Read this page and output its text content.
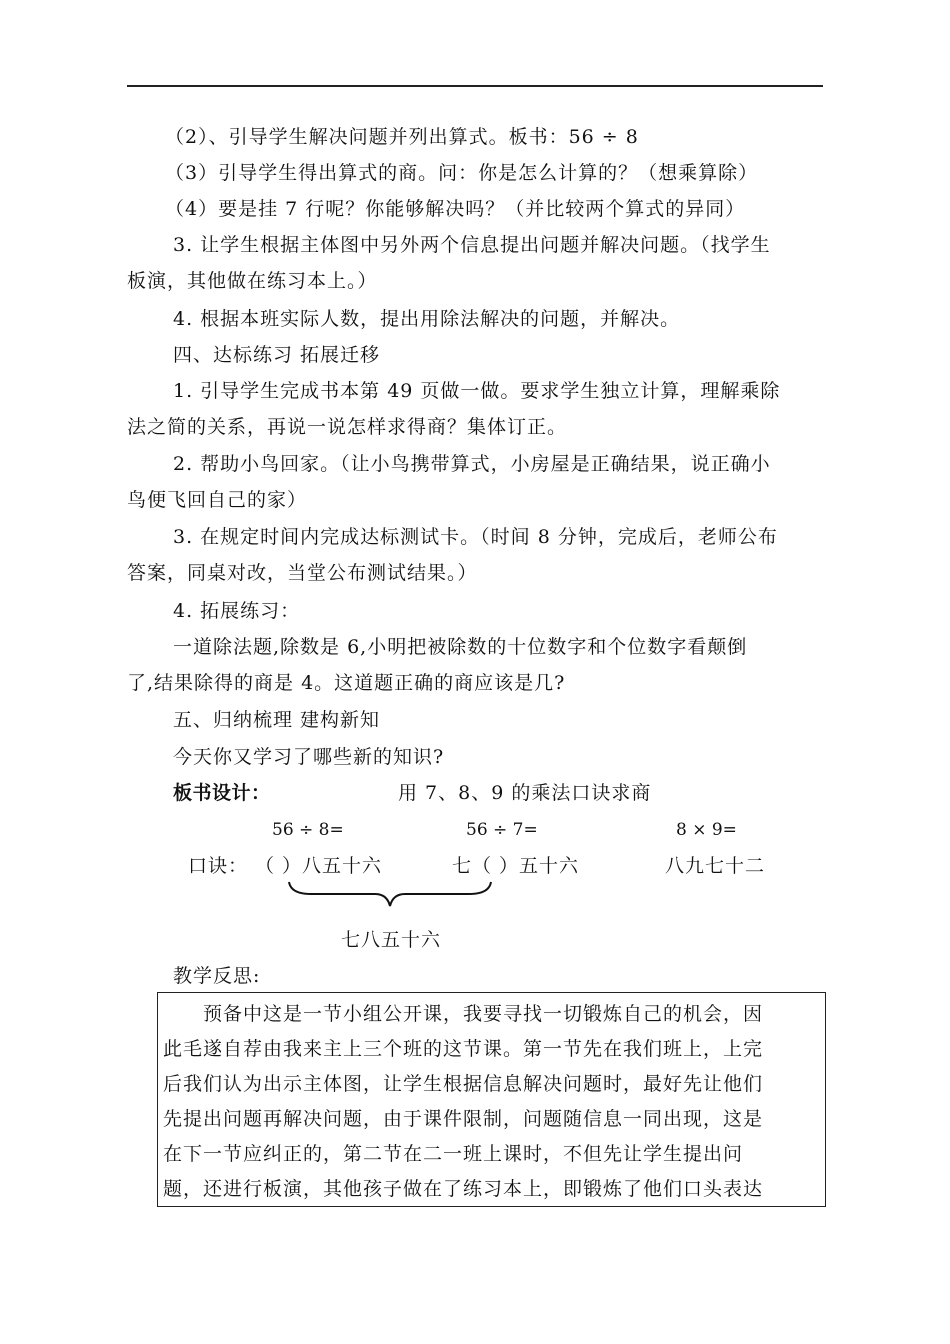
（2）、引导学生解决问题并列出算式。板书：56 ÷ 8
（3）引导学生得出算式的商。问：你是怎么计算的？（想乘算除）
（4）要是挂 7 行呢？你能够解决吗？（并比较两个算式的异同）
3. 让学生根据主体图中另外两个信息提出问题并解决问题。（找学生
板演，其他做在练习本上。）
4. 根据本班实际人数，提出用除法解决的问题，并解决。
四、达标练习 拓展迁移
1. 引导学生完成书本第 49 页做一做。要求学生独立计算，理解乘除
法之简的关系，再说一说怎样求得商？集体订正。
2. 帮助小鸟回家。（让小鸟携带算式，小房屋是正确结果，说正确小
鸟便飞回自己的家）
3. 在规定时间内完成达标测试卡。（时间 8 分钟，完成后，老师公布
答案，同桌对改，当堂公布测试结果。）
4. 拓展练习：
一道除法题,除数是 6,小明把被除数的十位数字和个位数字看颠倒
了,结果除得的商是 4。这道题正确的商应该是几?
五、归纳梳理 建构新知
今天你又学习了哪些新的知识?
板书设计：	用 7、8、9 的乘法口诀求商
56 ÷ 8=	56 ÷ 7=	8 × 9=
口诀： （ ）八五十六	七（ ）五十六	八九七十二
七八五十六
教学反思:
预备中这是一节小组公开课，我要寻找一切锻炼自己的机会，因
此毛遂自荐由我来主上三个班的这节课。第一节先在我们班上，上完
后我们认为出示主体图，让学生根据信息解决问题时，最好先让他们
先提出问题再解决问题，由于课件限制，问题随信息一同出现，这是
在下一节应纠正的，第二节在二一班上课时，不但先让学生提出问
题，还进行板演，其他孩子做在了练习本上，即锻炼了他们口头表达
